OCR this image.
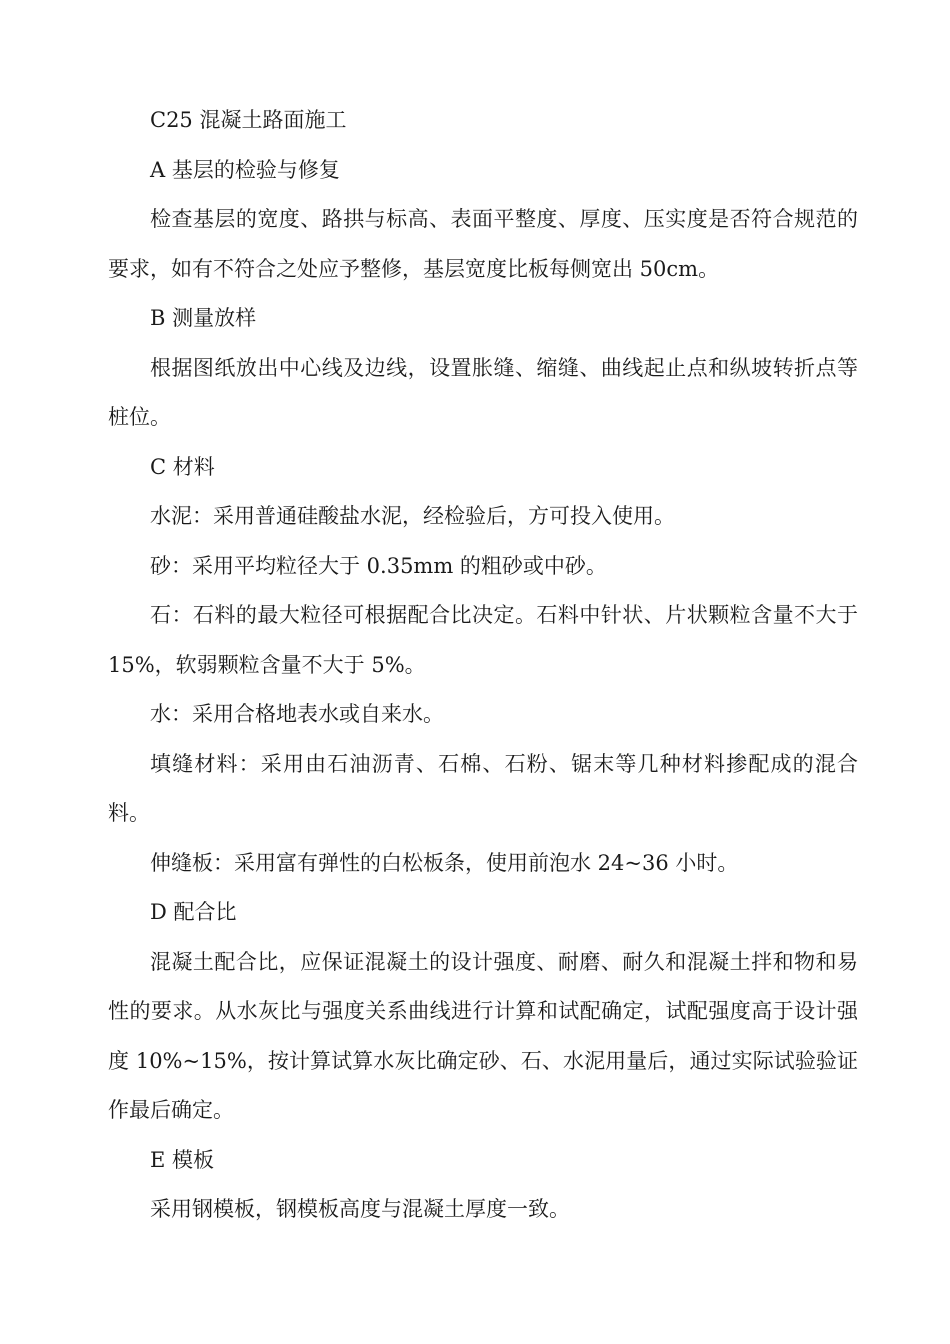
C25 混凝土路面施工

A 基层的检验与修复

检查基层的宽度、路拱与标高、表面平整度、厚度、压实度是否符合规范的要求，如有不符合之处应予整修，基层宽度比板每侧宽出 50cm。

B 测量放样

根据图纸放出中心线及边线，设置胀缝、缩缝、曲线起止点和纵坡转折点等桩位。

C 材料

水泥：采用普通硅酸盐水泥，经检验后，方可投入使用。

砂：采用平均粒径大于 0.35mm 的粗砂或中砂。

石：石料的最大粒径可根据配合比决定。石料中针状、片状颗粒含量不大于 15%，软弱颗粒含量不大于 5%。

水：采用合格地表水或自来水。

填缝材料：采用由石油沥青、石棉、石粉、锯末等几种材料掺配成的混合料。

伸缝板：采用富有弹性的白松板条，使用前泡水 24~36 小时。

D 配合比

混凝土配合比，应保证混凝土的设计强度、耐磨、耐久和混凝土拌和物和易性的要求。从水灰比与强度关系曲线进行计算和试配确定，试配强度高于设计强度 10%~15%，按计算试算水灰比确定砂、石、水泥用量后，通过实际试验验证作最后确定。

E 模板

采用钢模板，钢模板高度与混凝土厚度一致。
